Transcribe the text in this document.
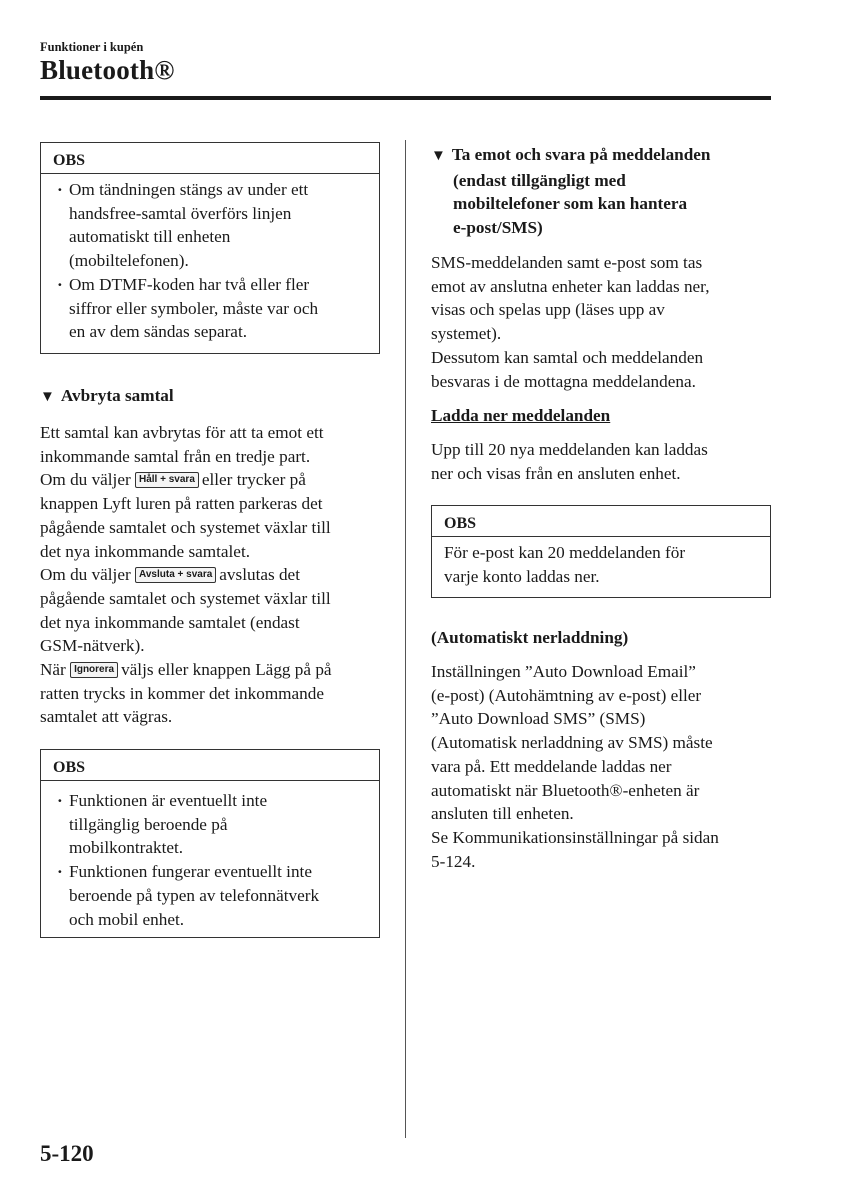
Funktioner i kupén
Bluetooth®
OBS
· Om tändningen stängs av under ett
handsfree-samtal överförs linjen
automatiskt till enheten
(mobiltelefonen).
· Om DTMF-koden har två eller fler
siffror eller symboler, måste var och
en av dem sändas separat.
▼ Avbryta samtal
Ett samtal kan avbrytas för att ta emot ett
inkommande samtal från en tredje part.
Om du väljer Håll + svara eller trycker på
knappen Lyft luren på ratten parkeras det
pågående samtalet och systemet växlar till
det nya inkommande samtalet.
Om du väljer Avsluta + svara avslutas det
pågående samtalet och systemet växlar till
det nya inkommande samtalet (endast
GSM-nätverk).
När Ignorera väljs eller knappen Lägg på på
ratten trycks in kommer det inkommande
samtalet att vägras.
OBS
· Funktionen är eventuellt inte
tillgänglig beroende på
mobilkontraktet.
· Funktionen fungerar eventuellt inte
beroende på typen av telefonnätverk
och mobil enhet.
▼ Ta emot och svara på meddelanden
(endast tillgängligt med
mobiltelefoner som kan hantera
e-post/SMS)
SMS-meddelanden samt e-post som tas
emot av anslutna enheter kan laddas ner,
visas och spelas upp (läses upp av
systemet).
Dessutom kan samtal och meddelanden
besvaras i de mottagna meddelandena.
Ladda ner meddelanden
Upp till 20 nya meddelanden kan laddas
ner och visas från en ansluten enhet.
OBS
För e-post kan 20 meddelanden för
varje konto laddas ner.
(Automatiskt nerladdning)
Inställningen ”Auto Download Email”
(e-post) (Autohämtning av e-post) eller
”Auto Download SMS” (SMS)
(Automatisk nerladdning av SMS) måste
vara på. Ett meddelande laddas ner
automatiskt när Bluetooth®-enheten är
ansluten till enheten.
Se Kommunikationsinställningar på sidan
5-124.
5-120
